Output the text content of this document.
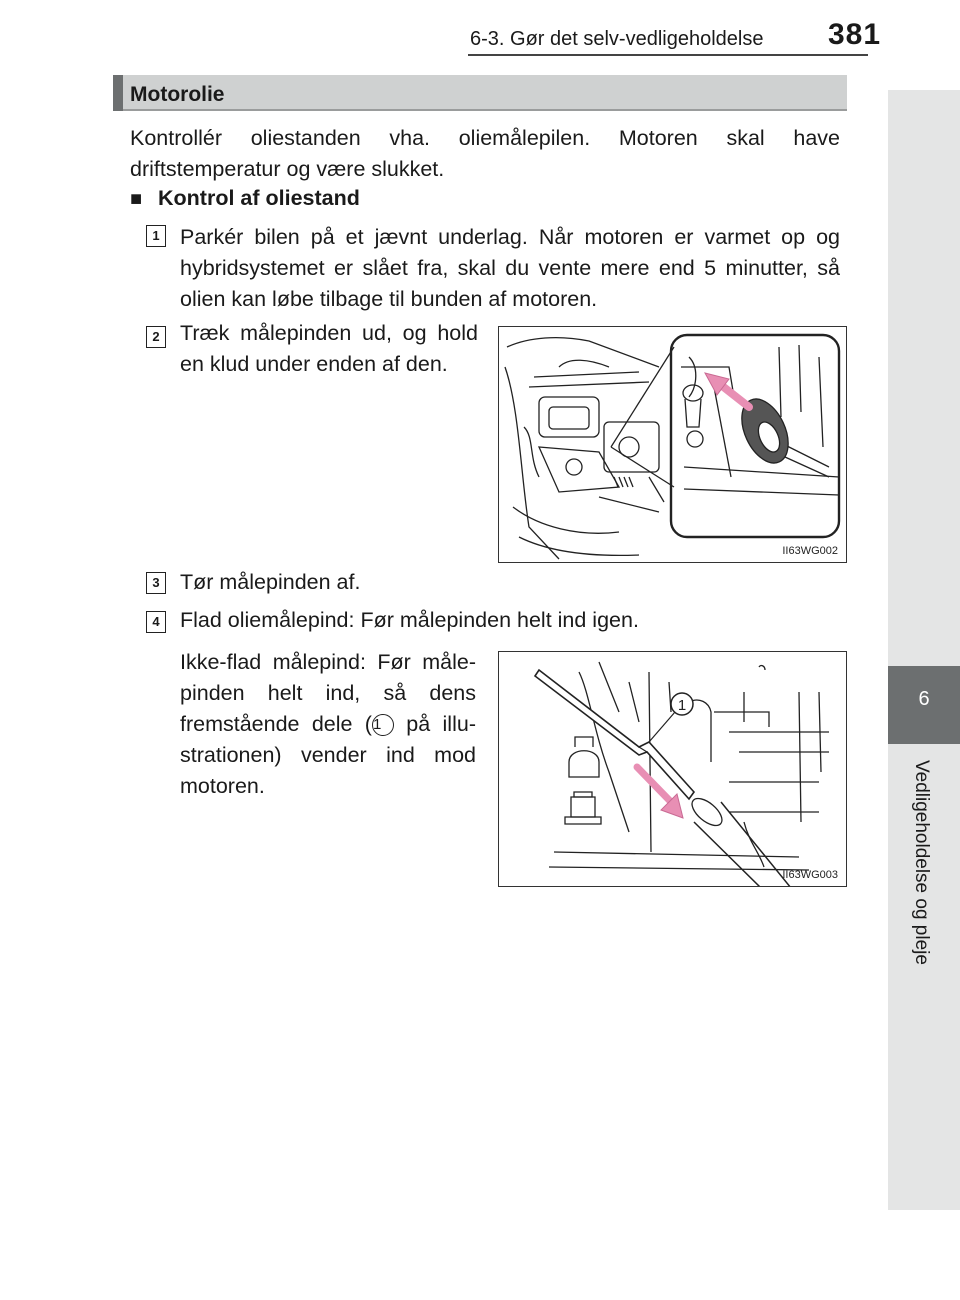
6-3. Gør det selv-vedligeholdelse 381
6
Vedligeholdelse og pleje
Motorolie
Kontrollér oliestanden vha. oliemålepilen. Motoren skal have driftstemperatur og være slukket.
■ Kontrol af oliestand
1 Parkér bilen på et jævnt underlag. Når motoren er varmet op og hybridsystemet er slået fra, skal du vente mere end 5 minutter, så olien kan løbe tilbage til bunden af motoren.
2 Træk målepinden ud, og hold en klud under enden af den.
II63WG002
3 Tør målepinden af.
4 Flad oliemålepind: Før målepinden helt ind igen.
Ikke-flad målepind: Før målepinden helt ind, så dens fremstående dele (1 på illustrationen) vender ind mod motoren.
1
II63WG003
